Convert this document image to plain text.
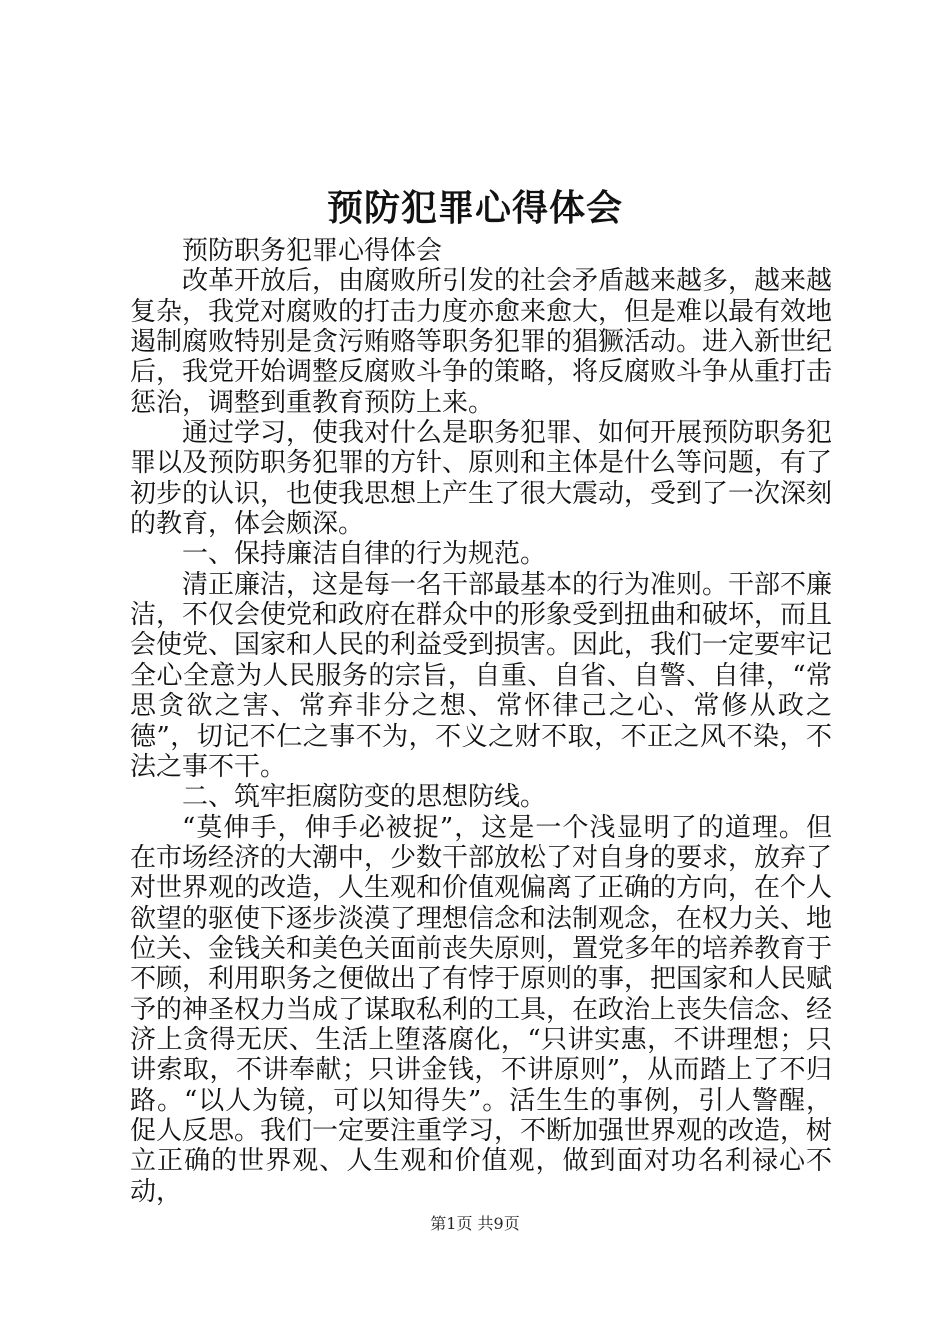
预防犯罪心得体会

预防职务犯罪心得体会

改革开放后，由腐败所引发的社会矛盾越来越多，越来越复杂，我党对腐败的打击力度亦愈来愈大，但是难以最有效地遏制腐败特别是贪污贿赂等职务犯罪的猖獗活动。进入新世纪后，我党开始调整反腐败斗争的策略，将反腐败斗争从重打击惩治，调整到重教育预防上来。

通过学习，使我对什么是职务犯罪、如何开展预防职务犯罪以及预防职务犯罪的方针、原则和主体是什么等问题，有了初步的认识，也使我思想上产生了很大震动，受到了一次深刻的教育，体会颇深。

一、保持廉洁自律的行为规范。

清正廉洁，这是每一名干部最基本的行为准则。干部不廉洁，不仅会使党和政府在群众中的形象受到扭曲和破坏，而且会使党、国家和人民的利益受到损害。因此，我们一定要牢记全心全意为人民服务的宗旨，自重、自省、自警、自律，“常思贪欲之害、常弃非分之想、常怀律己之心、常修从政之德”，切记不仁之事不为，不义之财不取，不正之风不染，不法之事不干。

二、筑牢拒腐防变的思想防线。

“莫伸手，伸手必被捉”，这是一个浅显明了的道理。但在市场经济的大潮中，少数干部放松了对自身的要求，放弃了对世界观的改造，人生观和价值观偏离了正确的方向，在个人欲望的驱使下逐步淡漠了理想信念和法制观念，在权力关、地位关、金钱关和美色关面前丧失原则，置党多年的培养教育于不顾，利用职务之便做出了有悖于原则的事，把国家和人民赋予的神圣权力当成了谋取私利的工具，在政治上丧失信念、经济上贪得无厌、生活上堕落腐化，“只讲实惠，不讲理想；只讲索取，不讲奉献；只讲金钱，不讲原则”，从而踏上了不归路。“以人为镜，可以知得失”。活生生的事例，引人警醒，促人反思。我们一定要注重学习，不断加强世界观的改造，树立正确的世界观、人生观和价值观，做到面对功名利禄心不动，

第1页 共9页
